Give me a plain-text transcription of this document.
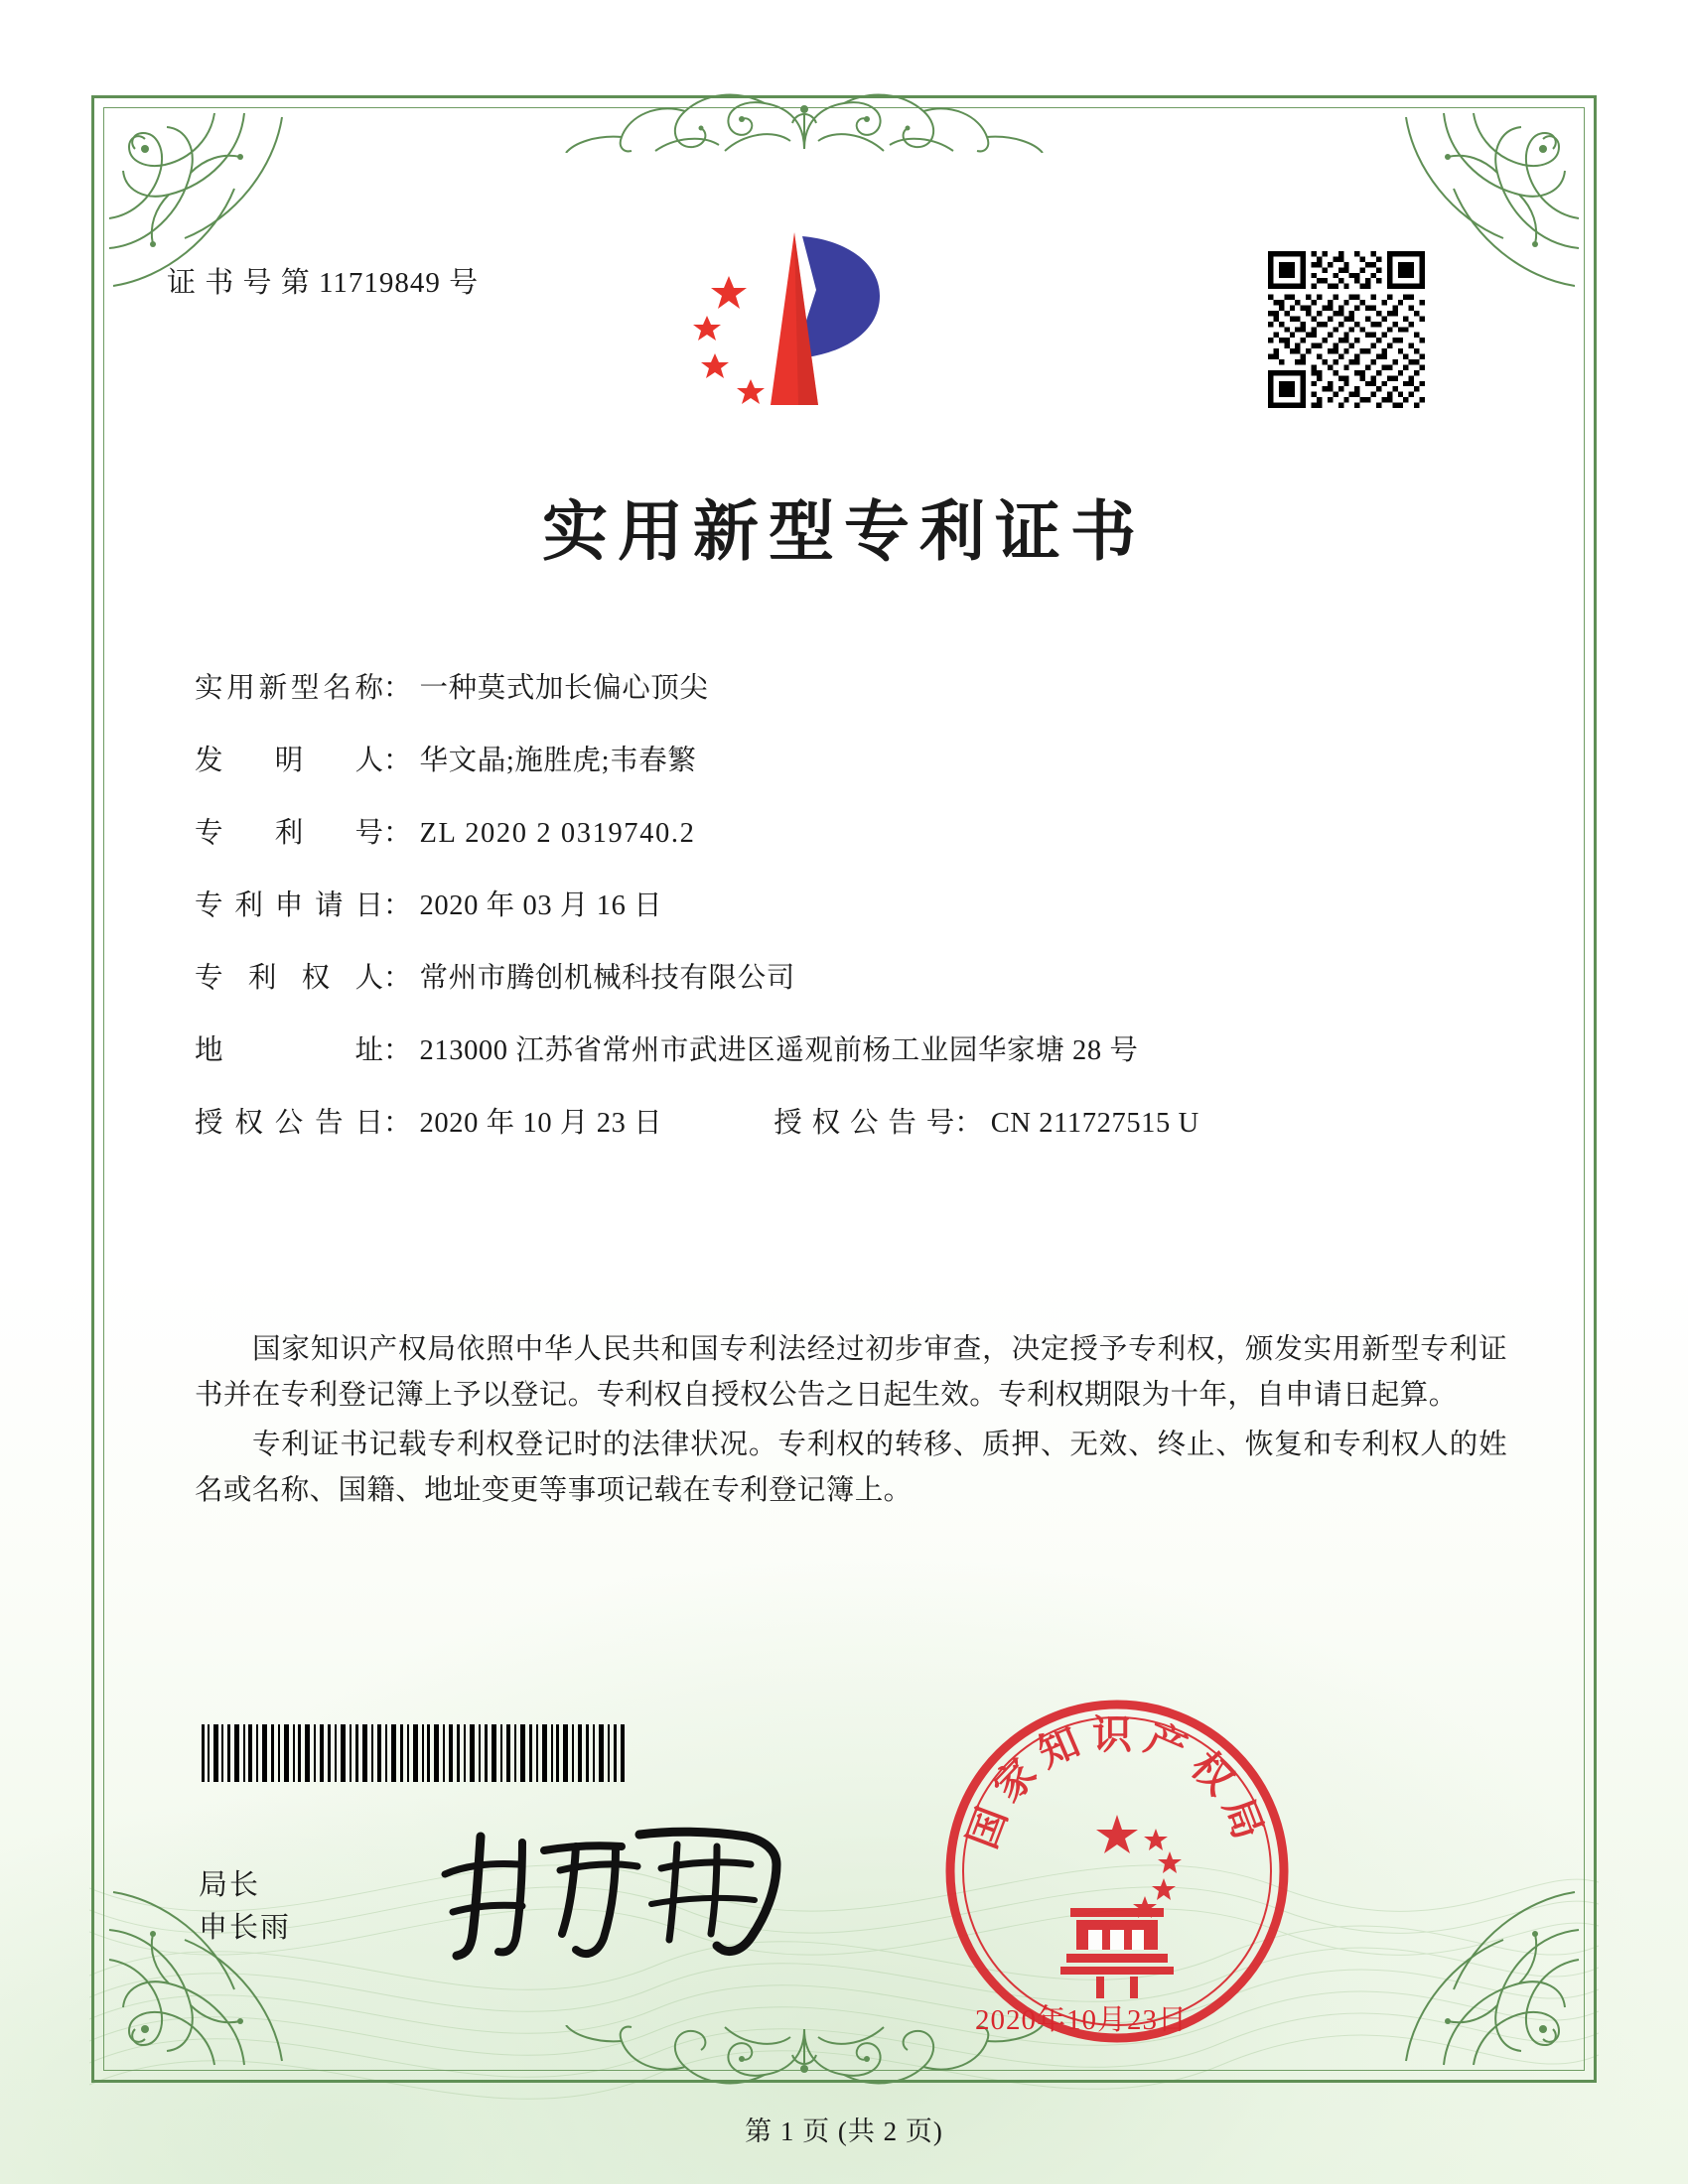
证 书 号 第 11719849 号
实用新型专利证书
实用新型名称 ： 一种莫式加长偏心顶尖
发明人 ： 华文晶;施胜虎;韦春繁
专利号 ： ZL 2020 2 0319740.2
专利申请日 ： 2020 年 03 月 16 日
专利权人 ： 常州市腾创机械科技有限公司
地址 ： 213000 江苏省常州市武进区遥观前杨工业园华家塘 28 号
授权公告日 ： 2020 年 10 月 23 日	授权公告号： CN 211727515 U

国家知识产权局依照中华人民共和国专利法经过初步审查，决定授予专利权，颁发实用新型专利证书并在专利登记簿上予以登记。专利权自授权公告之日起生效。专利权期限为十年，自申请日起算。

专利证书记载专利权登记时的法律状况。专利权的转移、质押、无效、终止、恢复和专利权人的姓名或名称、国籍、地址变更等事项记载在专利登记簿上。

局长
申长雨
国家知识产权局
2020年10月23日
第 1 页 (共 2 页)
